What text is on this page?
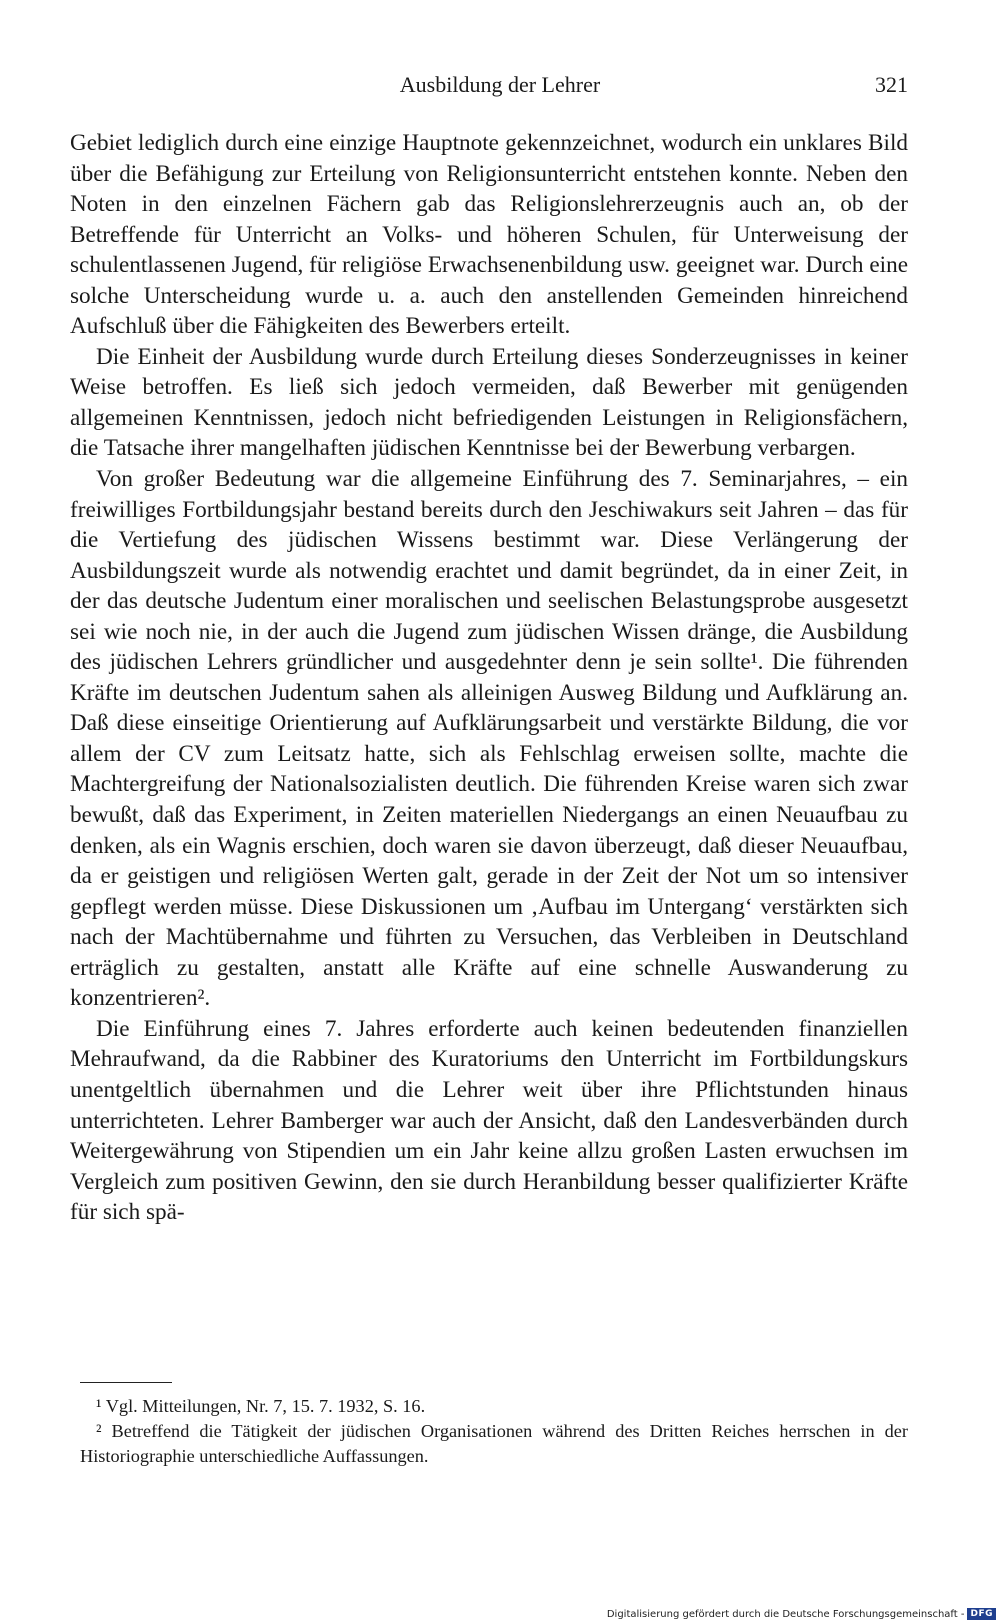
Ausbildung der Lehrer	321

Gebiet lediglich durch eine einzige Hauptnote gekennzeichnet, wodurch ein unklares Bild über die Befähigung zur Erteilung von Religionsunterricht entstehen konnte. Neben den Noten in den einzelnen Fächern gab das Religionslehrerzeugnis auch an, ob der Betreffende für Unterricht an Volks- und höheren Schulen, für Unterweisung der schulentlassenen Jugend, für religiöse Erwachsenenbildung usw. geeignet war. Durch eine solche Unterscheidung wurde u. a. auch den anstellenden Gemeinden hinreichend Aufschluß über die Fähigkeiten des Bewerbers erteilt.

Die Einheit der Ausbildung wurde durch Erteilung dieses Sonderzeugnisses in keiner Weise betroffen. Es ließ sich jedoch vermeiden, daß Bewerber mit genügenden allgemeinen Kenntnissen, jedoch nicht befriedigenden Leistungen in Religionsfächern, die Tatsache ihrer mangelhaften jüdischen Kenntnisse bei der Bewerbung verbargen.

Von großer Bedeutung war die allgemeine Einführung des 7. Seminarjahres, – ein freiwilliges Fortbildungsjahr bestand bereits durch den Jeschiwakurs seit Jahren – das für die Vertiefung des jüdischen Wissens bestimmt war. Diese Verlängerung der Ausbildungszeit wurde als notwendig erachtet und damit begründet, da in einer Zeit, in der das deutsche Judentum einer moralischen und seelischen Belastungsprobe ausgesetzt sei wie noch nie, in der auch die Jugend zum jüdischen Wissen dränge, die Ausbildung des jüdischen Lehrers gründlicher und ausgedehnter denn je sein sollte¹. Die führenden Kräfte im deutschen Judentum sahen als alleinigen Ausweg Bildung und Aufklärung an. Daß diese einseitige Orientierung auf Aufklärungsarbeit und verstärkte Bildung, die vor allem der CV zum Leitsatz hatte, sich als Fehlschlag erweisen sollte, machte die Machtergreifung der Nationalsozialisten deutlich. Die führenden Kreise waren sich zwar bewußt, daß das Experiment, in Zeiten materiellen Niedergangs an einen Neuaufbau zu denken, als ein Wagnis erschien, doch waren sie davon überzeugt, daß dieser Neuaufbau, da er geistigen und religiösen Werten galt, gerade in der Zeit der Not um so intensiver gepflegt werden müsse. Diese Diskussionen um ‚Aufbau im Untergang‘ verstärkten sich nach der Machtübernahme und führten zu Versuchen, das Verbleiben in Deutschland erträglich zu gestalten, anstatt alle Kräfte auf eine schnelle Auswanderung zu konzentrieren².

Die Einführung eines 7. Jahres erforderte auch keinen bedeutenden finanziellen Mehraufwand, da die Rabbiner des Kuratoriums den Unterricht im Fortbildungskurs unentgeltlich übernahmen und die Lehrer weit über ihre Pflichtstunden hinaus unterrichteten. Lehrer Bamberger war auch der Ansicht, daß den Landesverbänden durch Weitergewährung von Stipendien um ein Jahr keine allzu großen Lasten erwuchsen im Vergleich zum positiven Gewinn, den sie durch Heranbildung besser qualifizierter Kräfte für sich spä-

¹ Vgl. Mitteilungen, Nr. 7, 15. 7. 1932, S. 16.

² Betreffend die Tätigkeit der jüdischen Organisationen während des Dritten Reiches herrschen in der Historiographie unterschiedliche Auffassungen.

Digitalisierung gefördert durch die Deutsche Forschungsgemeinschaft - DFG
